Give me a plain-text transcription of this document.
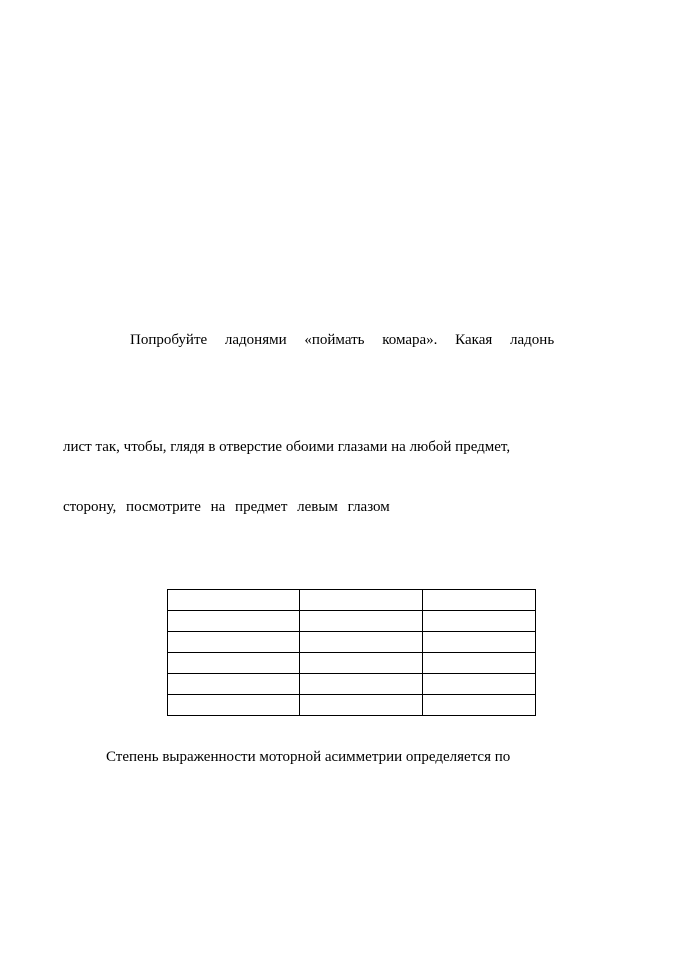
Попробуйте ладонями «поймать комара». Какая ладонь
лист так, чтобы, глядя в отверстие обоими глазами на любой предмет,
сторону, посмотрите на предмет левым глазом

Степень выраженности моторной асимметрии определяется по
